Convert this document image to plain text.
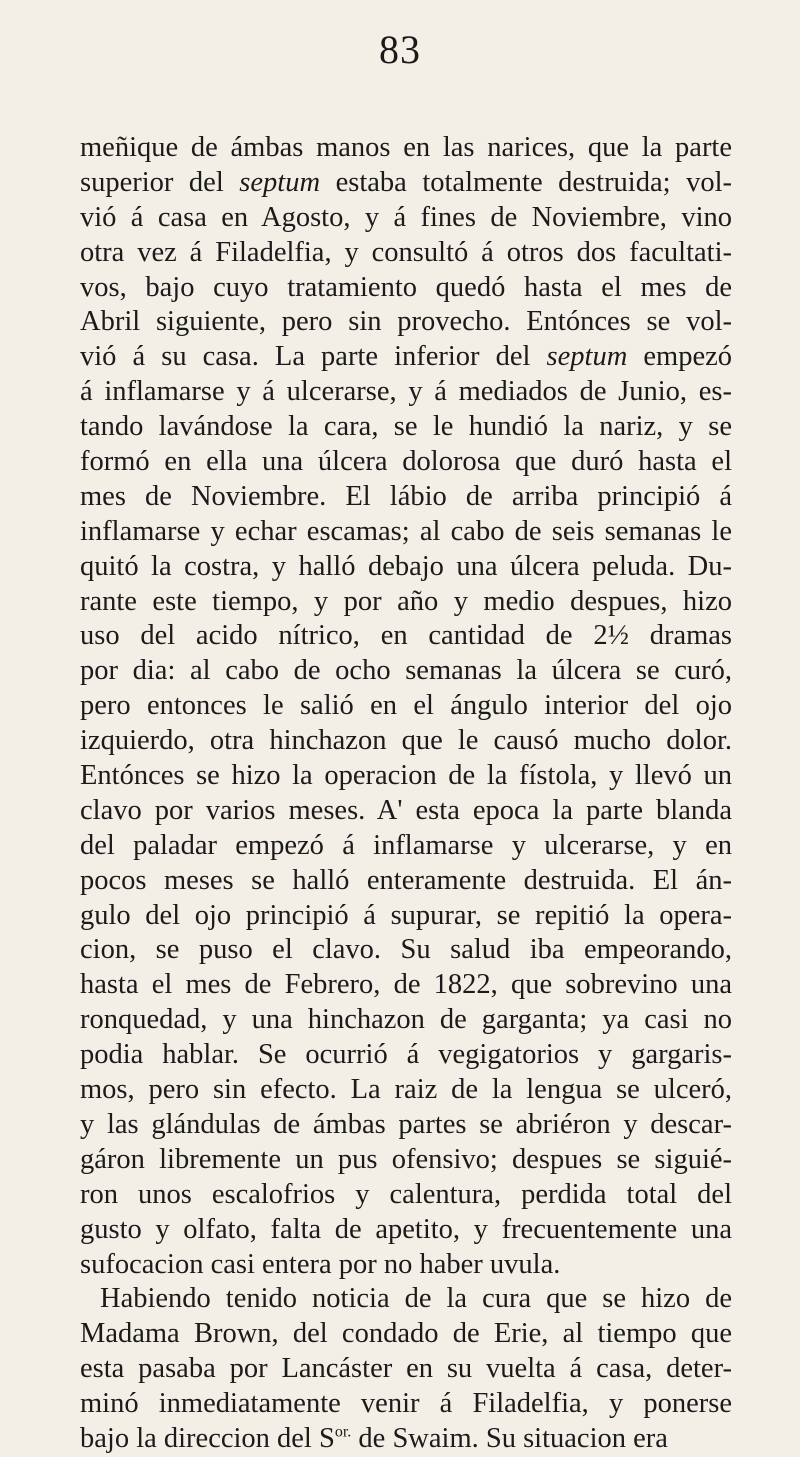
83
meñique de ámbas manos en las narices, que la parte
superior del septum estaba totalmente destruida; vol-
vió á casa en Agosto, y á fines de Noviembre, vino
otra vez á Filadelfia, y consultó á otros dos facultati-
vos, bajo cuyo tratamiento quedó hasta el mes de
Abril siguiente, pero sin provecho. Entónces se vol-
vió á su casa. La parte inferior del septum empezó
á inflamarse y á ulcerarse, y á mediados de Junio, es-
tando lavándose la cara, se le hundió la nariz, y se
formó en ella una úlcera dolorosa que duró hasta el
mes de Noviembre. El lábio de arriba principió á
inflamarse y echar escamas; al cabo de seis semanas le
quitó la costra, y halló debajo una úlcera peluda. Du-
rante este tiempo, y por año y medio despues, hizo
uso del acido nítrico, en cantidad de 2½ dramas
por dia: al cabo de ocho semanas la úlcera se curó,
pero entonces le salió en el ángulo interior del ojo
izquierdo, otra hinchazon que le causó mucho dolor.
Entónces se hizo la operacion de la fístola, y llevó un
clavo por varios meses. A' esta epoca la parte blanda
del paladar empezó á inflamarse y ulcerarse, y en
pocos meses se halló enteramente destruida. El án-
gulo del ojo principió á supurar, se repitió la opera-
cion, se puso el clavo. Su salud iba empeorando,
hasta el mes de Febrero, de 1822, que sobrevino una
ronquedad, y una hinchazon de garganta; ya casi no
podia hablar. Se ocurrió á vegigatorios y gargaris-
mos, pero sin efecto. La raiz de la lengua se ulceró,
y las glándulas de ámbas partes se abriéron y descar-
gáron libremente un pus ofensivo; despues se siguié-
ron unos escalofrios y calentura, perdida total del
gusto y olfato, falta de apetito, y frecuentemente una
sufocacion casi entera por no haber uvula.
Habiendo tenido noticia de la cura que se hizo de
Madama Brown, del condado de Erie, al tiempo que
esta pasaba por Lancáster en su vuelta á casa, deter-
minó inmediatamente venir á Filadelfia, y ponerse
bajo la direccion del $S^{or.}$ de Swaim. Su situacion era
